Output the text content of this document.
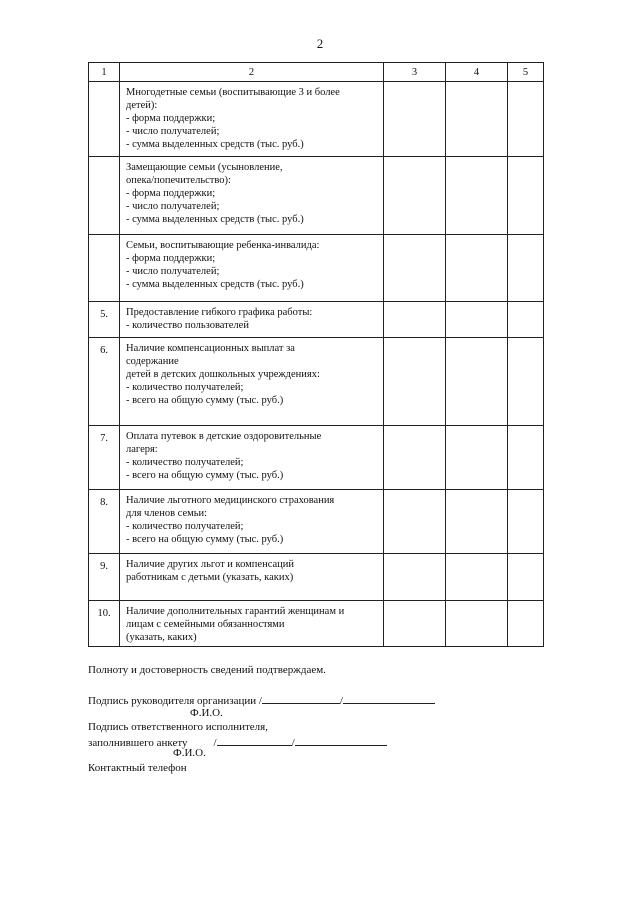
2
1	2	3	4	5

	Многодетные семьи (воспитывающие 3 и более
детей):
- форма поддержки;
- число получателей;
- сумма выделенных средств (тыс. руб.)			

	Замещающие семьи (усыновление,
опека/попечительство):
- форма поддержки;
- число получателей;
- сумма выделенных средств (тыс. руб.)			

	Семьи, воспитывающие ребенка-инвалида:
- форма поддержки;
- число получателей;
- сумма выделенных средств (тыс. руб.)			

5.	Предоставление гибкого графика работы:
- количество пользователей			

6.	Наличие компенсационных выплат за
содержание
детей в детских дошкольных учреждениях:
- количество получателей;
- всего на общую сумму (тыс. руб.)			

7.	Оплата путевок в детские оздоровительные
лагеря:
- количество получателей;
- всего на общую сумму (тыс. руб.)			

8.	Наличие льготного медицинского страхования
для членов семьи:
- количество получателей;
- всего на общую сумму (тыс. руб.)			

9.	Наличие других льгот и компенсаций
работникам с детьми (указать, каких)			

10.	Наличие дополнительных гарантий женщинам и
лицам с семейными обязанностями
(указать, каких)			

Полноту и достоверность сведений подтверждаем.
Подпись руководителя организации /	/
Ф.И.О.
Подпись ответственного исполнителя,
заполнившего анкету /	/
Ф.И.О.
Контактный телефон
